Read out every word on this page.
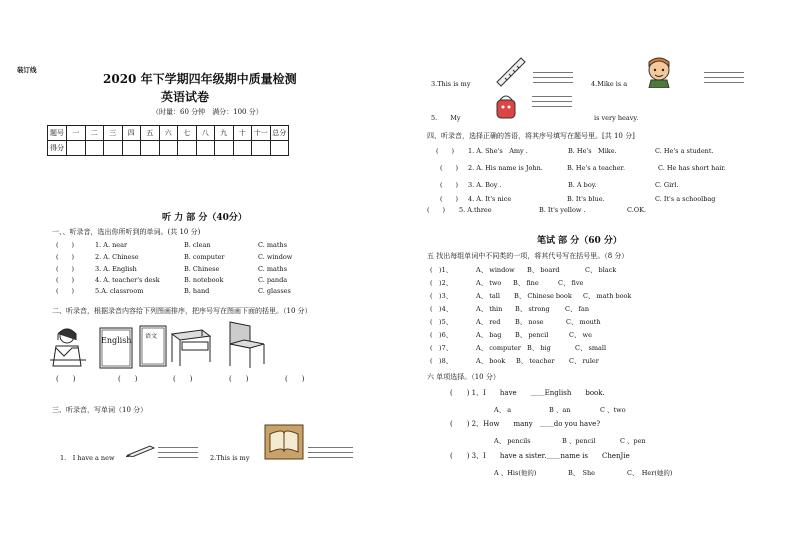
装订线
2020 年下学期四年级期中质量检测
英语试卷
（时量：60 分钟　满分：100 分）
题号	一	二	三	四	五	六	七	八	九	十	十一	总分
得分												
听 力 部 分（40分）
一、、听录音，选出你所听到的单词。(共 10 分)
(　　)	1. A. near	B. clean	C. maths
(　　)	2. A. Chinese	B. computer	C. window
(　　)	3. A. English	B. Chinese	C. maths
(　　)	4. A. teacher's desk	B. notebook	C. panda
(　　)	5.A. classroom	B. hand	C. glasses
二、听录音，根据录音内容给下列图画排序，把序号写在图画下面的括里。（10 分）
English 语文
(　　)	(　　)	(　　)	(　　)	(　　)
三、听录音，写单词（10 分）
1.　I have a new	2.This is my
3.This is my	4.Mike is a
5.　　My	is very heavy.
四、听录音，选择正确的答语，将其序号填写在题号里。[共 10 分]
(　　) 1. A. She's　Amy .	B. He's　Mike.	C. He's a student.
(　　) 2. A. His name is John.	B. He's a teacher.	C. He has short hair.
(　　) 3. A. Boy .	B. A boy.	C. Girl.
(　　) 4. A. It's nice	B. It's blue.	C. It's a schoolbag
(　　) 5. A.three	B. It's yellow .	C.OK.
笔试 部 分（60 分）
五 找出每组单词中不同类的一项，将其代号写在括号里。（8 分）
(　)1、	A、 window B、 board	C、 black
(　)2、	A、 two B、 fine	C、 five
(　)3、	A、 tall B、 Chinese book C、 math book
(　)4、	A、 thin B、 strong C、 fan
(　)5、	A、 red B、 nose	C、 mouth
(　)6、	A、 bag B、 pencil	C、 we
(　)7、	A、 computer B、 big	C、 small
(　)8、	A、 book B、 teacher C、 ruler
六 单项选择。（10 分）
(　　) 1、I　　have　　＿＿English　　book.
A、 a	B 、an	C 、two
(　　) 2、How　　many　＿＿do you have?
A、 pencils	B 、pencil	C 、pen
(　　) 3、I　　have a sister.＿＿name is　　ChenJie
A 、His(他的)	B、　She	C、　Her(她的)
